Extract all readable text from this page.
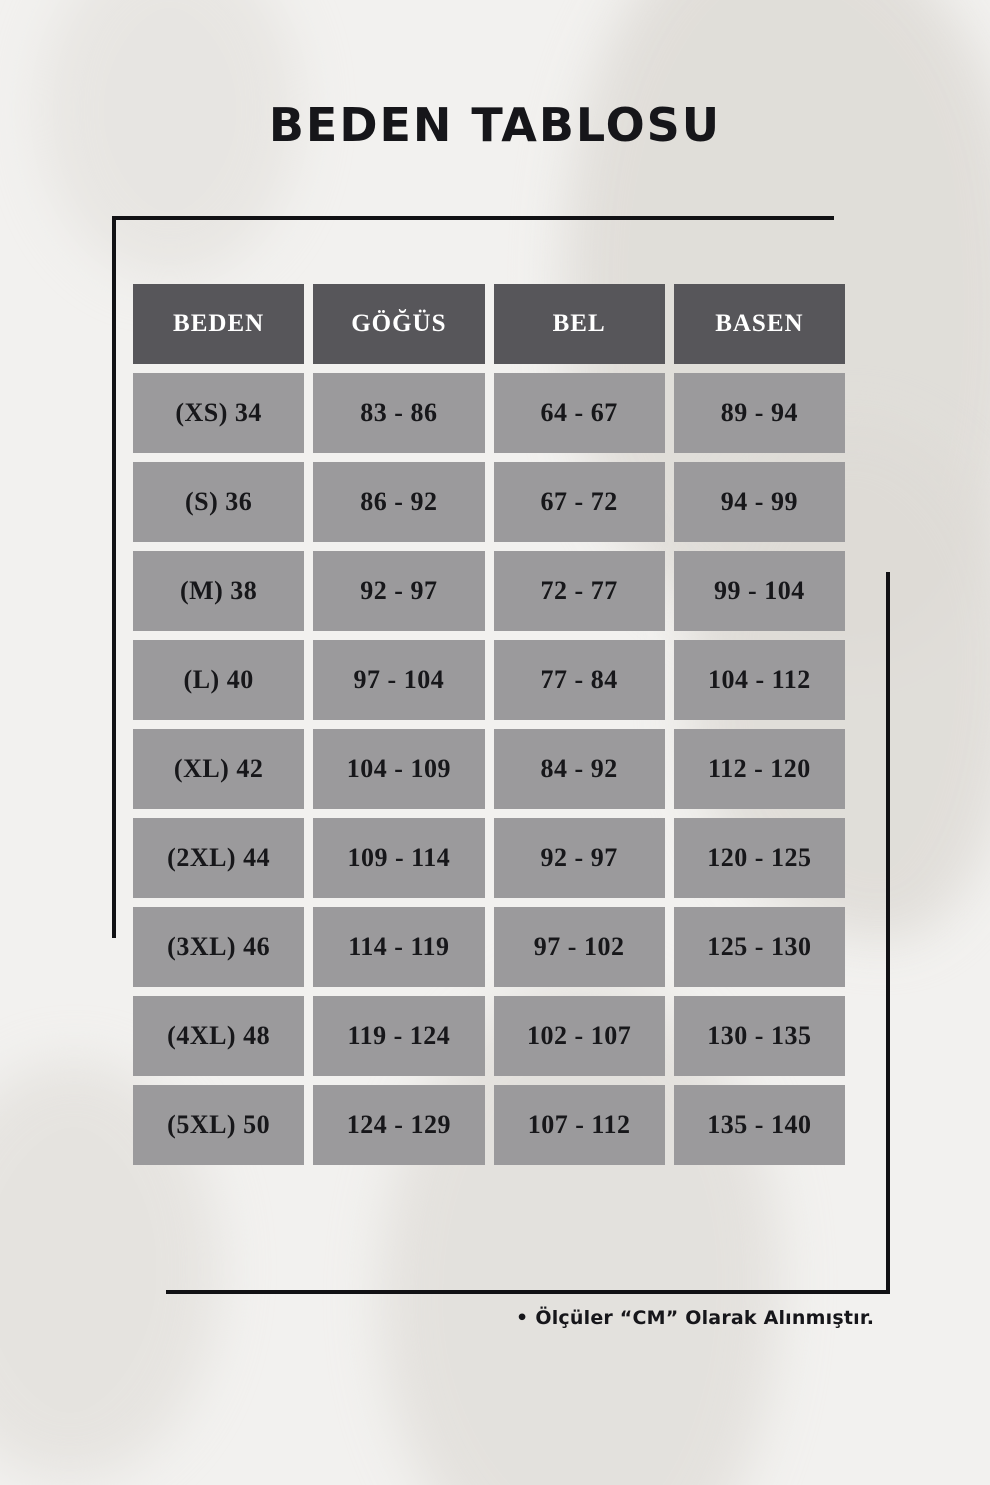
BEDEN TABLOSU
BEDEN	GÖĞÜS	BEL	BASEN
(XS) 34	83 - 86	64 - 67	89 - 94
(S) 36	86 - 92	67 - 72	94 - 99
(M) 38	92 - 97	72 - 77	99 - 104
(L) 40	97 - 104	77 - 84	104 - 112
(XL) 42	104 - 109	84 - 92	112 - 120
(2XL) 44	109 - 114	92 - 97	120 - 125
(3XL) 46	114 - 119	97 - 102	125 - 130
(4XL) 48	119 - 124	102 - 107	130 - 135
(5XL) 50	124 - 129	107 - 112	135 - 140
• Ölçüler “CM” Olarak Alınmıştır.
